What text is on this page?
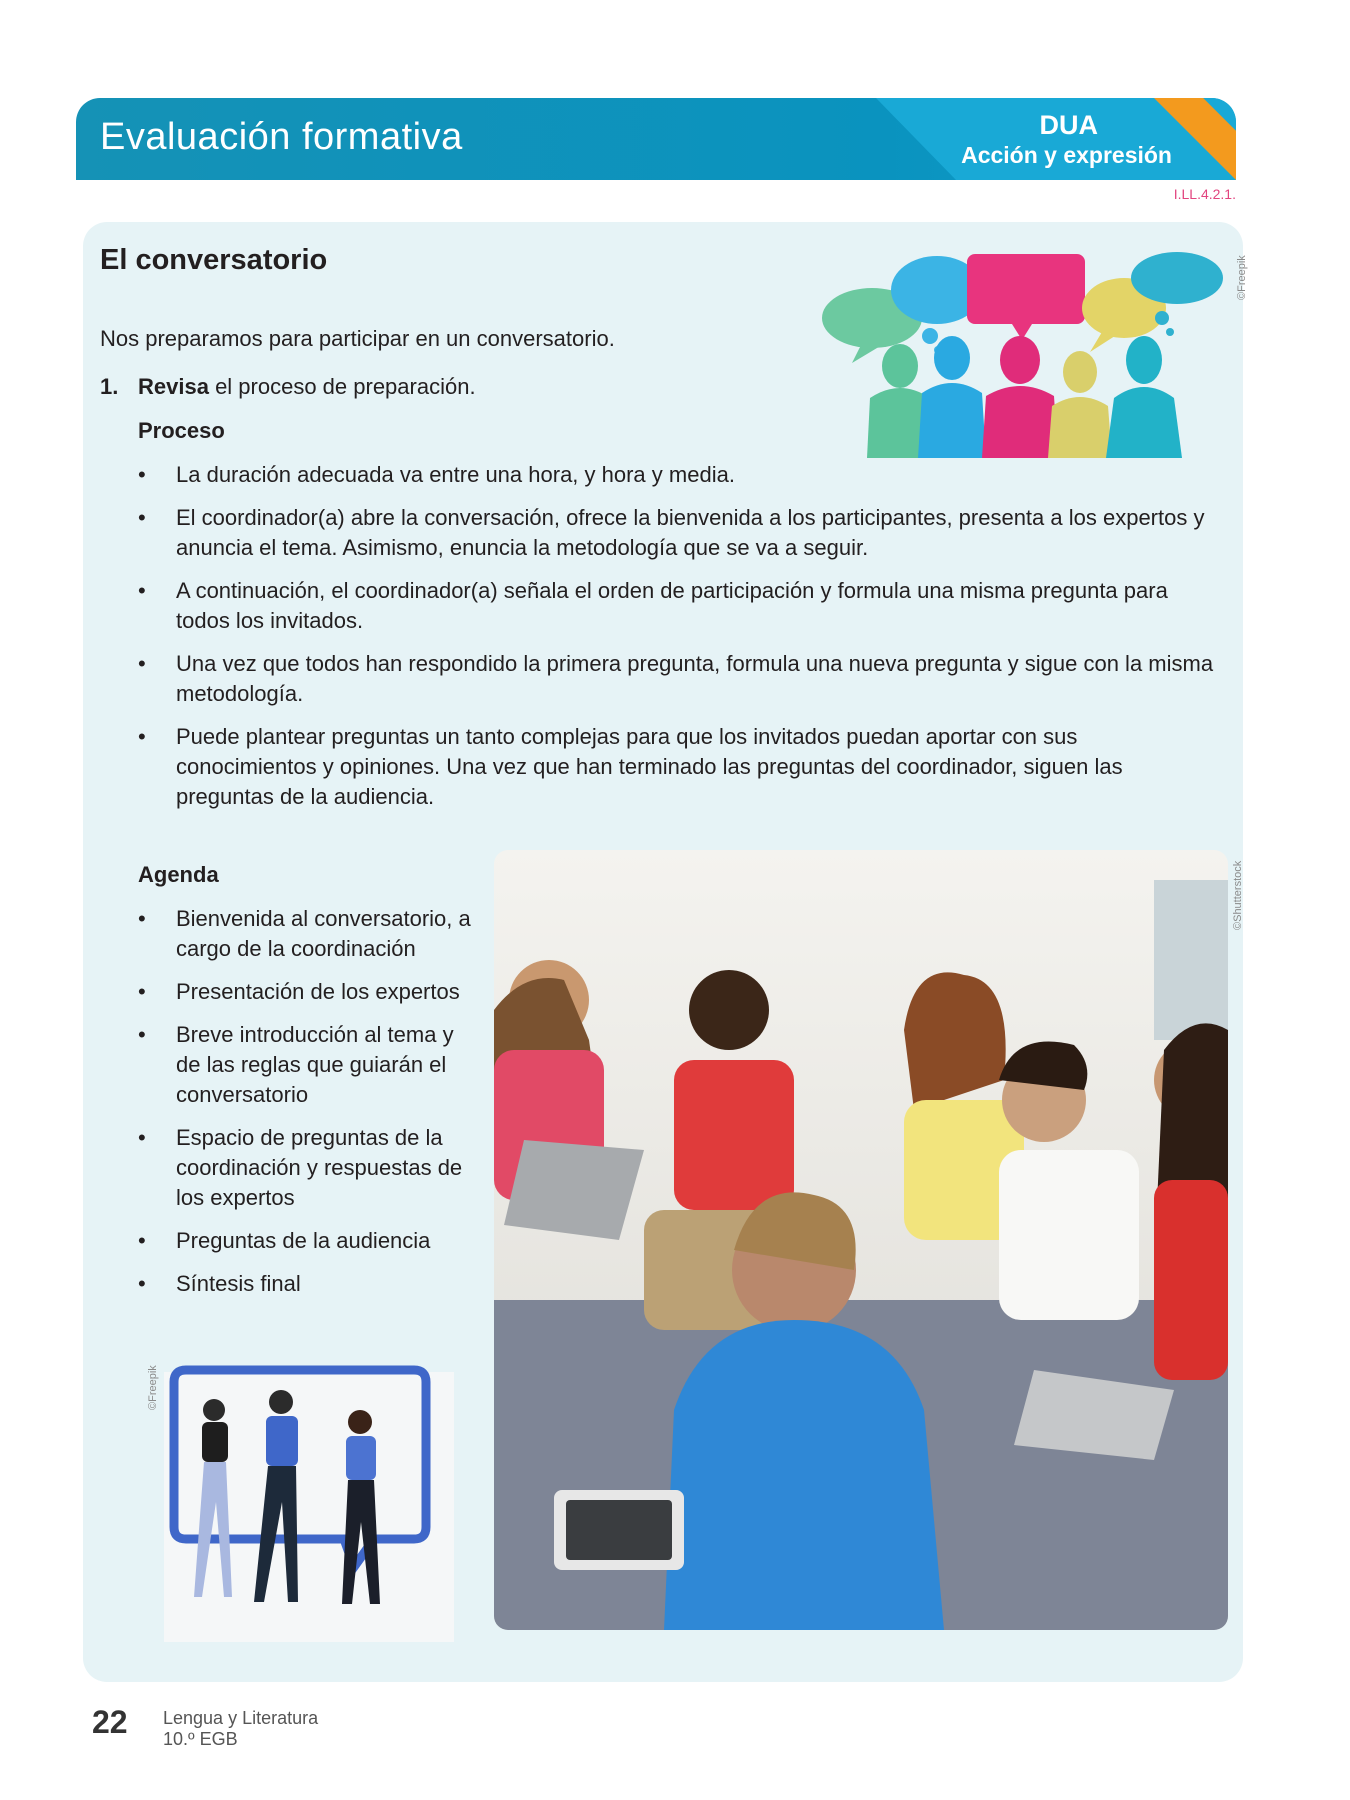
Evaluación formativa	DUA
Acción y expresión
I.LL.4.2.1.
El conversatorio	©Freepik
Nos preparamos para participar en un conversatorio.
1. Revisa el proceso de preparación.
Proceso
• La duración adecuada va entre una hora, y hora y media.
• El coordinador(a) abre la conversación, ofrece la bienvenida a los participantes, presenta a los expertos y anuncia el tema. Asimismo, enuncia la metodología que se va a seguir.
• A continuación, el coordinador(a) señala el orden de participación y formula una misma pregunta para todos los invitados.
• Una vez que todos han respondido la primera pregunta, formula una nueva pregunta y sigue con la misma metodología.
• Puede plantear preguntas un tanto complejas para que los invitados puedan aportar con sus conocimientos y opiniones. Una vez que han terminado las preguntas del coordinador, siguen las preguntas de la audiencia.
Agenda
• Bienvenida al conversatorio, a cargo de la coordinación
• Presentación de los expertos
• Breve introducción al tema y de las reglas que guiarán el conversatorio
• Espacio de preguntas de la coordinación y respuestas de los expertos
• Preguntas de la audiencia
• Síntesis final
©Shutterstock
©Freepik
22 Lengua y Literatura
10.º EGB
